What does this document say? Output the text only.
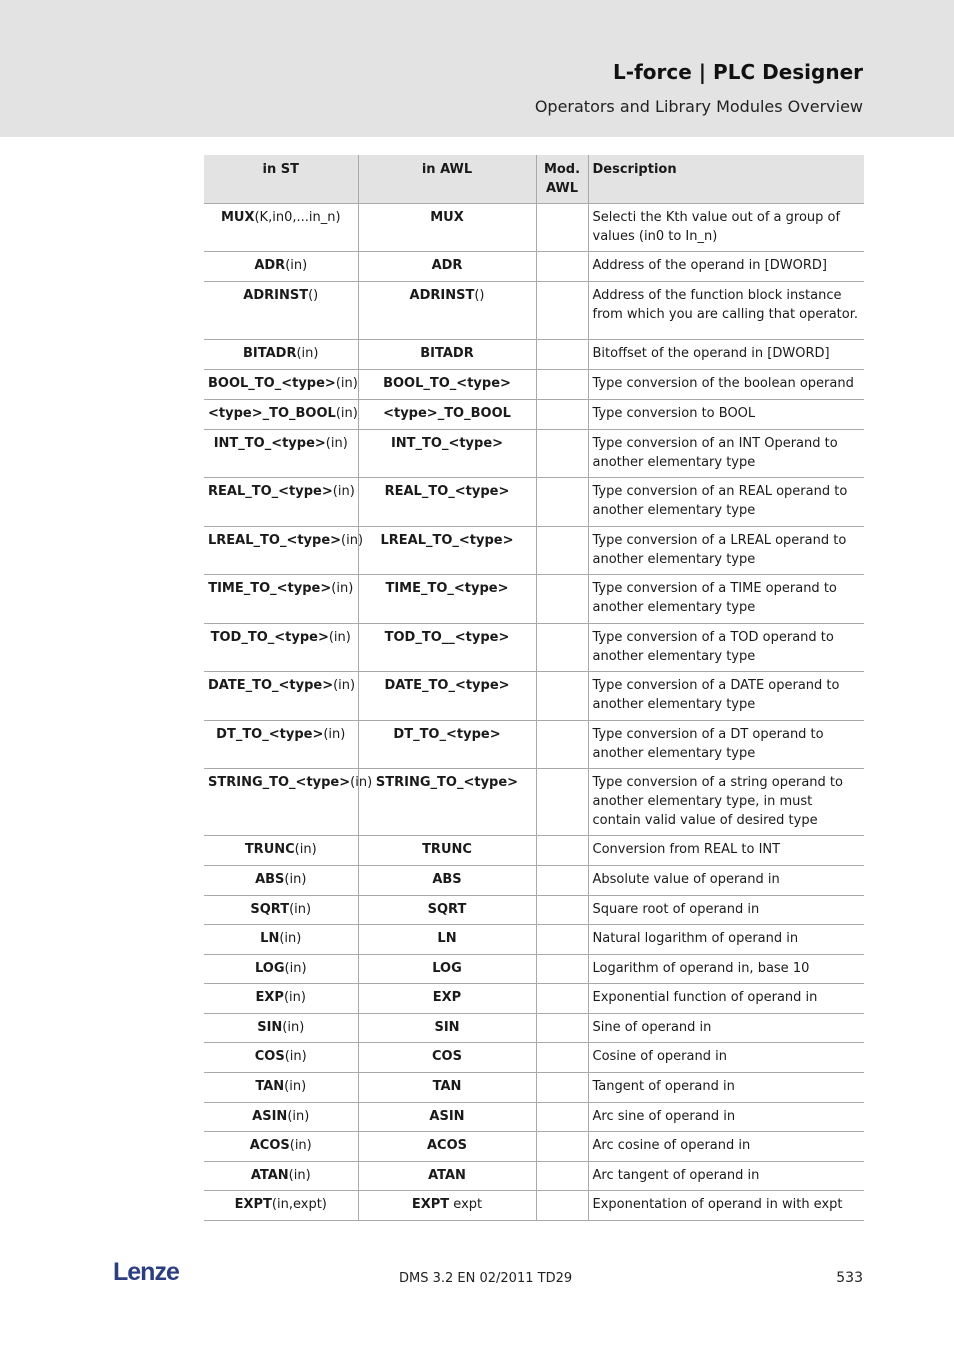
L-force | PLC Designer
Operators and Library Modules Overview
in ST	in AWL	Mod. AWL	Description
MUX(K,in0,...in_n)	MUX		Selecti the Kth value out of a group of values (in0 to In_n)
ADR(in)	ADR		Address of the operand in [DWORD]
ADRINST()	ADRINST()		Address of the function block instance from which you are calling that operator.
BITADR(in)	BITADR		Bitoffset of the operand in [DWORD]
BOOL_TO_<type>(in)	BOOL_TO_<type>		Type conversion of the boolean operand
<type>_TO_BOOL(in)	<type>_TO_BOOL		Type conversion to BOOL
INT_TO_<type>(in)	INT_TO_<type>		Type conversion of an INT Operand to another elementary type
REAL_TO_<type>(in)	REAL_TO_<type>		Type conversion of an REAL operand to another elementary type
LREAL_TO_<type>(in)	LREAL_TO_<type>		Type conversion of a LREAL operand to another elementary type
TIME_TO_<type>(in)	TIME_TO_<type>		Type conversion of a TIME operand to another elementary type
TOD_TO_<type>(in)	TOD_TO__<type>		Type conversion of a TOD operand to another elementary type
DATE_TO_<type>(in)	DATE_TO_<type>		Type conversion of a DATE operand to another elementary type
DT_TO_<type>(in)	DT_TO_<type>		Type conversion of a DT operand to another elementary type
STRING_TO_<type>(in)	STRING_TO_<type>		Type conversion of a string operand to another elementary type, in must contain valid value of desired type
TRUNC(in)	TRUNC		Conversion from REAL to INT
ABS(in)	ABS		Absolute value of operand in
SQRT(in)	SQRT		Square root of operand in
LN(in)	LN		Natural logarithm of operand in
LOG(in)	LOG		Logarithm of operand in, base 10
EXP(in)	EXP		Exponential function of operand in
SIN(in)	SIN		Sine of operand in
COS(in)	COS		Cosine of operand in
TAN(in)	TAN		Tangent of operand in
ASIN(in)	ASIN		Arc sine of operand in
ACOS(in)	ACOS		Arc cosine of operand in
ATAN(in)	ATAN		Arc tangent of operand in
EXPT(in,expt)	EXPT expt		Exponentation of operand in with expt
Lenze	DMS 3.2 EN 02/2011 TD29	533
